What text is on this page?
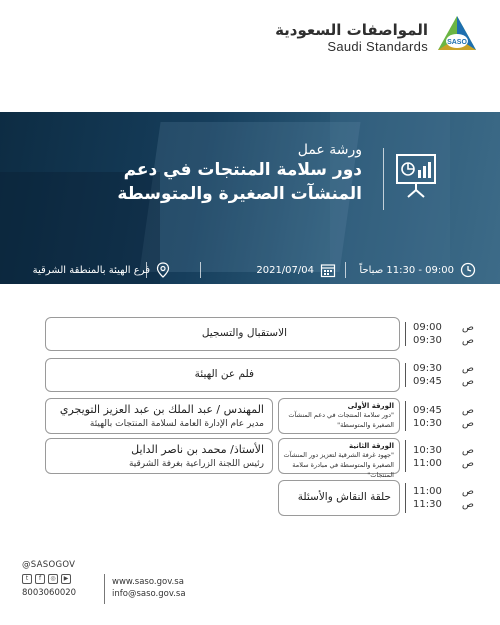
المواصفات السعودية
Saudi Standards	SASO
ورشة عمل
دور سلامة المنتجات في دعم
المنشآت الصغيرة والمتوسطة
09:00 - 11:30 صباحاً
2021/07/04
فرع الهيئة بالمنطقة الشرقية
09:00 ص
09:30 ص
الاستقبال والتسجيل
09:30 ص
09:45 ص
فلم عن الهيئة
09:45 ص
10:30 ص
الورقة الأولى
"دور سلامة المنتجات في دعم المنشآت الصغيرة والمتوسطة"
المهندس / عبد الملك بن عبد العزيز التويجري
مدير عام الإدارة العامة لسلامة المنتجات بالهيئة
10:30 ص
11:00 ص
الورقة الثانية
"جهود غرفة الشرقية لتعزيز دور المنشآت الصغيرة والمتوسطة في مبادرة سلامة المنتجات"
الأستاذ/ محمد بن ناصر الدايل
رئيس اللجنة الزراعية بغرفة الشرقية
11:00 ص
11:30 ص
حلقة النقاش والأسئلة
@SASOGOV
t	f	◎	▶
8003060020
www.saso.gov.sa
info@saso.gov.sa
